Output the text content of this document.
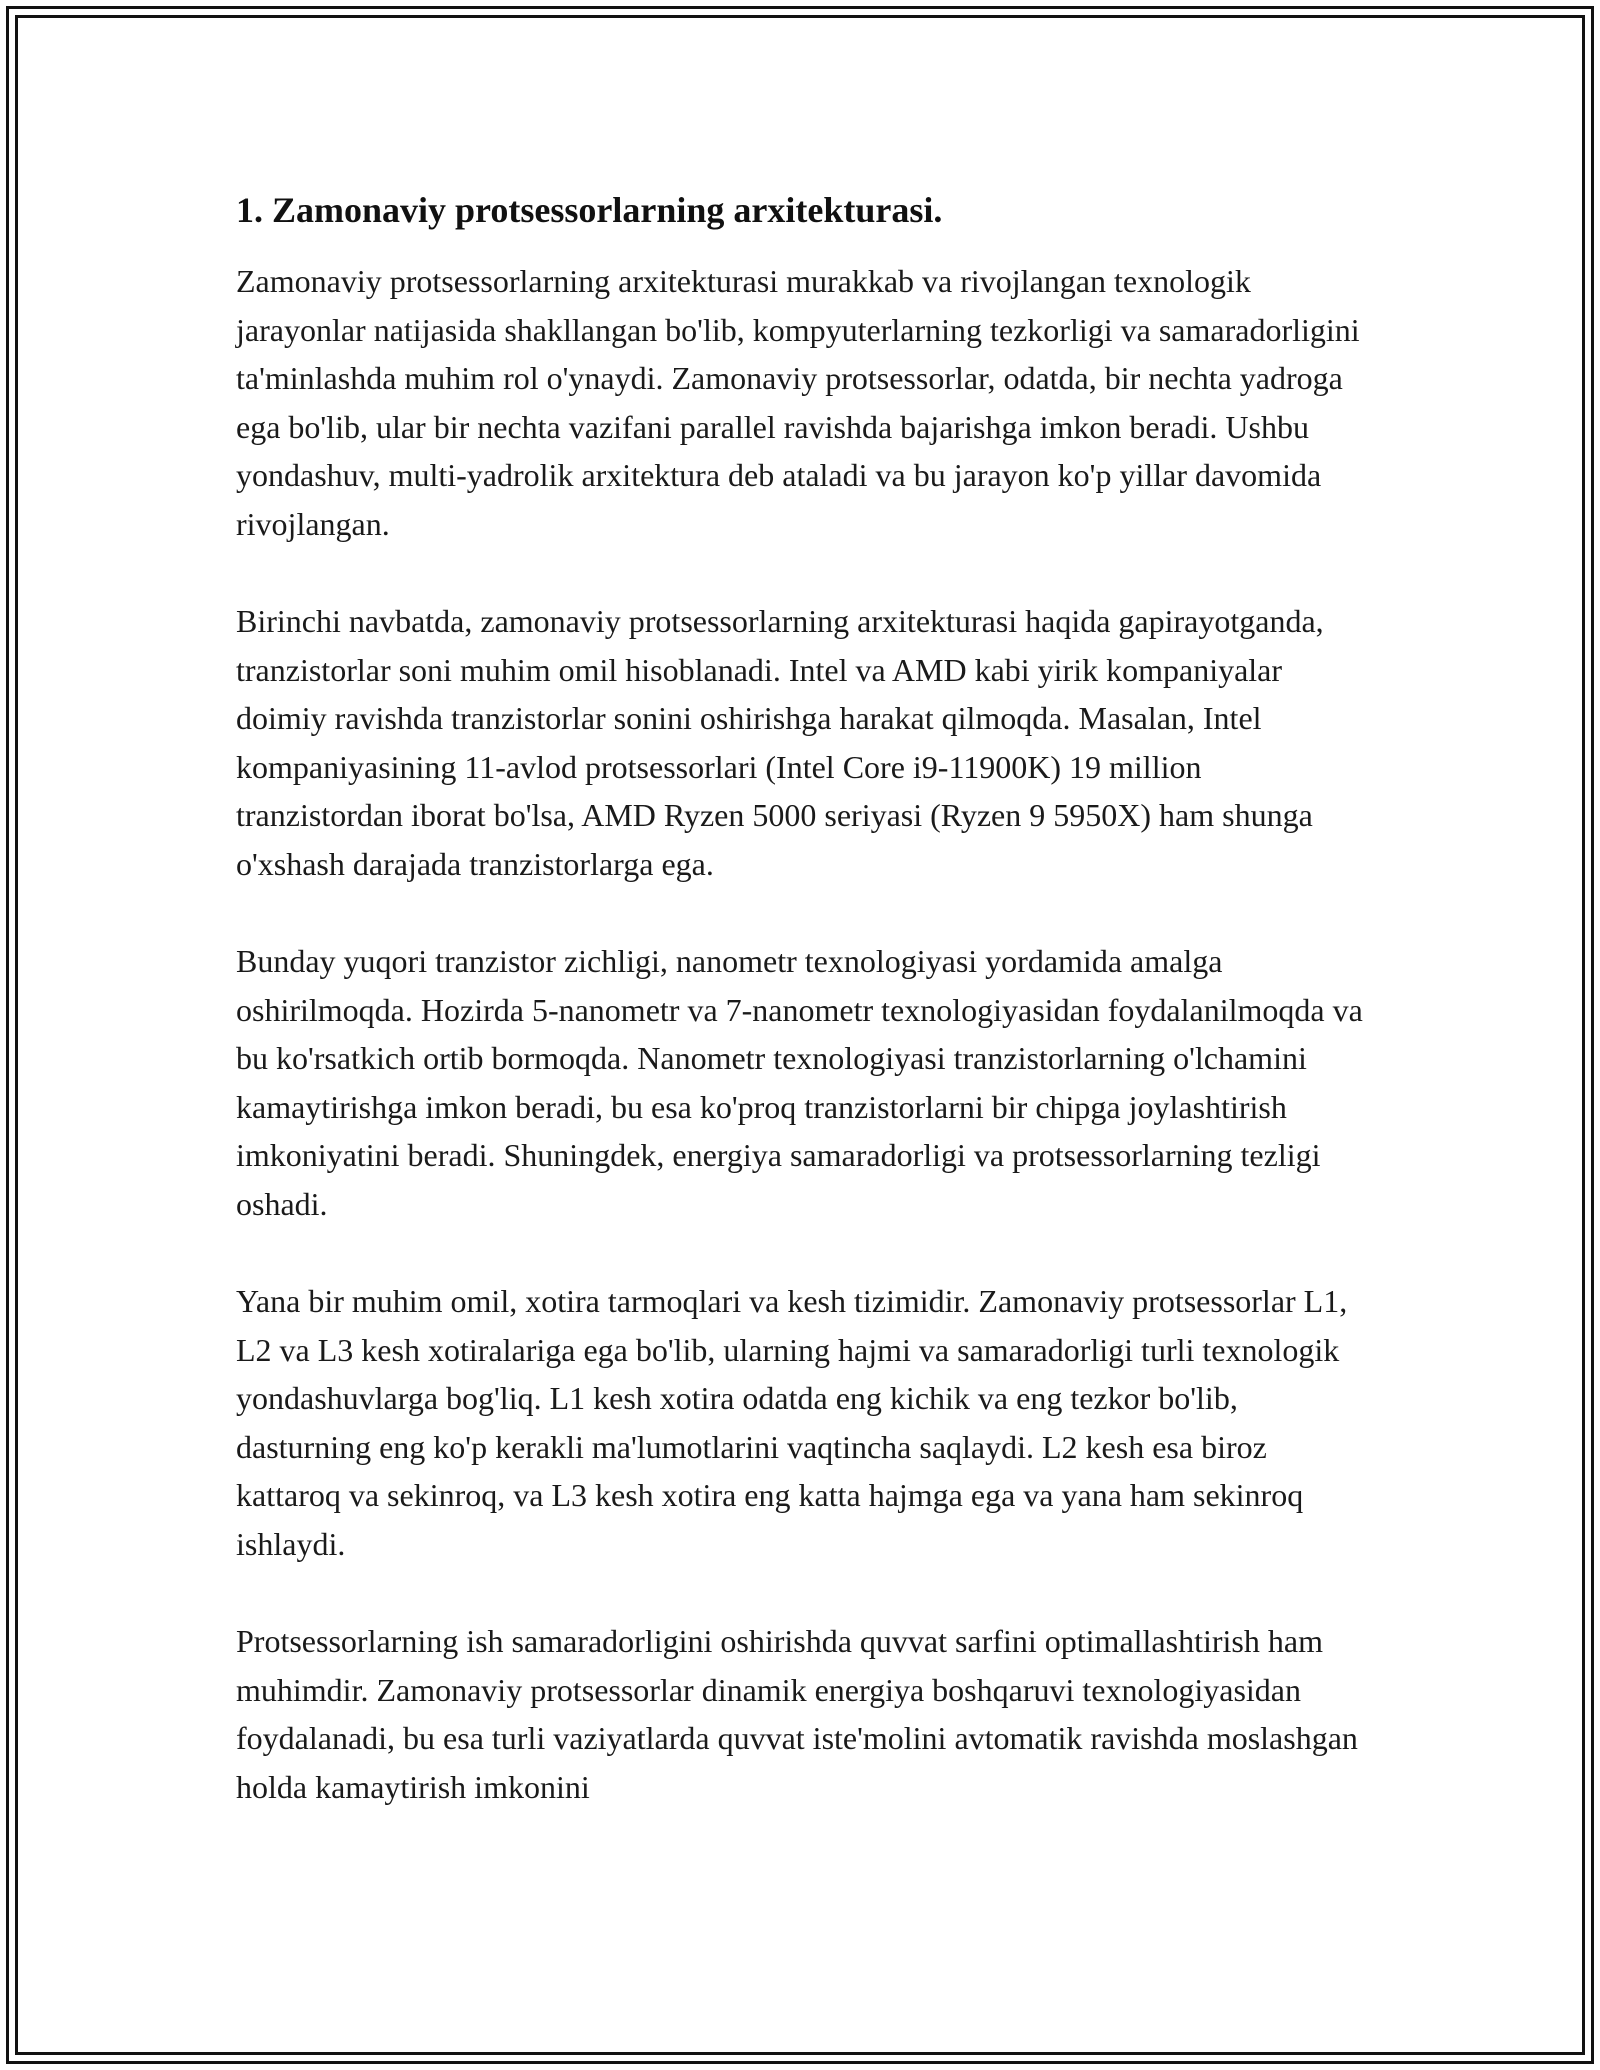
1. Zamonaviy protsessorlarning arxitekturasi.

Zamonaviy protsessorlarning arxitekturasi murakkab va rivojlangan texnologik jarayonlar natijasida shakllangan bo'lib, kompyuterlarning tezkorligi va samaradorligini ta'minlashda muhim rol o'ynaydi. Zamonaviy protsessorlar, odatda, bir nechta yadroga ega bo'lib, ular bir nechta vazifani parallel ravishda bajarishga imkon beradi. Ushbu yondashuv, multi-yadrolik arxitektura deb ataladi va bu jarayon ko'p yillar davomida rivojlangan.

Birinchi navbatda, zamonaviy protsessorlarning arxitekturasi haqida gapirayotganda, tranzistorlar soni muhim omil hisoblanadi. Intel va AMD kabi yirik kompaniyalar doimiy ravishda tranzistorlar sonini oshirishga harakat qilmoqda. Masalan, Intel kompaniyasining 11-avlod protsessorlari (Intel Core i9-11900K) 19 million tranzistordan iborat bo'lsa, AMD Ryzen 5000 seriyasi (Ryzen 9 5950X) ham shunga o'xshash darajada tranzistorlarga ega.

Bunday yuqori tranzistor zichligi, nanometr texnologiyasi yordamida amalga oshirilmoqda. Hozirda 5-nanometr va 7-nanometr texnologiyasidan foydalanilmoqda va bu ko'rsatkich ortib bormoqda. Nanometr texnologiyasi tranzistorlarning o'lchamini kamaytirishga imkon beradi, bu esa ko'proq tranzistorlarni bir chipga joylashtirish imkoniyatini beradi. Shuningdek, energiya samaradorligi va protsessorlarning tezligi oshadi.

Yana bir muhim omil, xotira tarmoqlari va kesh tizimidir. Zamonaviy protsessorlar L1, L2 va L3 kesh xotiralariga ega bo'lib, ularning hajmi va samaradorligi turli texnologik yondashuvlarga bog'liq. L1 kesh xotira odatda eng kichik va eng tezkor bo'lib, dasturning eng ko'p kerakli ma'lumotlarini vaqtincha saqlaydi. L2 kesh esa biroz kattaroq va sekinroq, va L3 kesh xotira eng katta hajmga ega va yana ham sekinroq ishlaydi.

Protsessorlarning ish samaradorligini oshirishda quvvat sarfini optimallashtirish ham muhimdir. Zamonaviy protsessorlar dinamik energiya boshqaruvi texnologiyasidan foydalanadi, bu esa turli vaziyatlarda quvvat iste'molini avtomatik ravishda moslashgan holda kamaytirish imkonini
